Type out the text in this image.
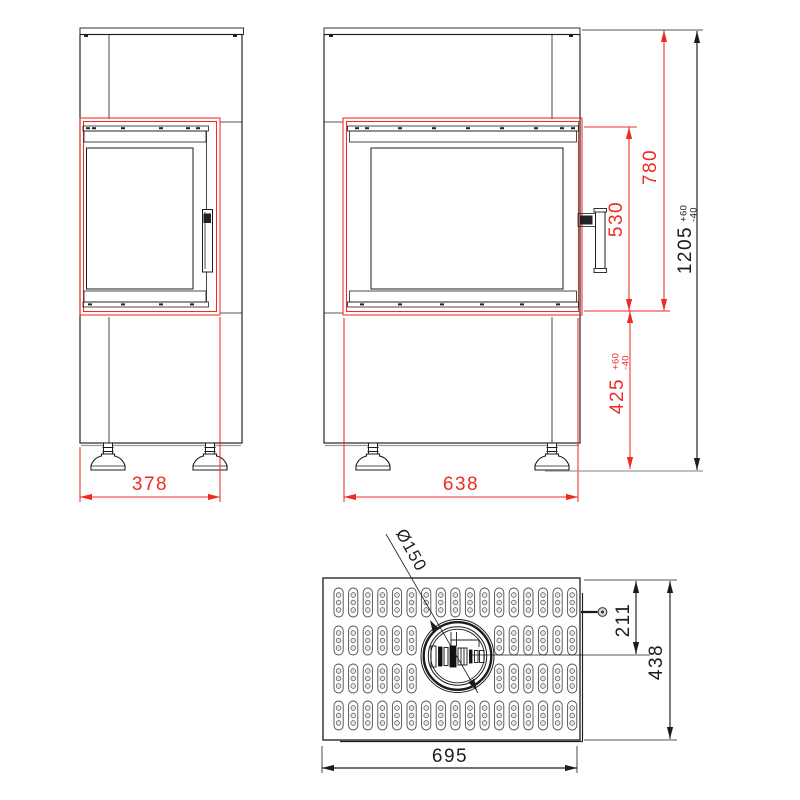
378	638
530
780
425
+60 -40
1205
+60 -40
Ø150
211
438
695
